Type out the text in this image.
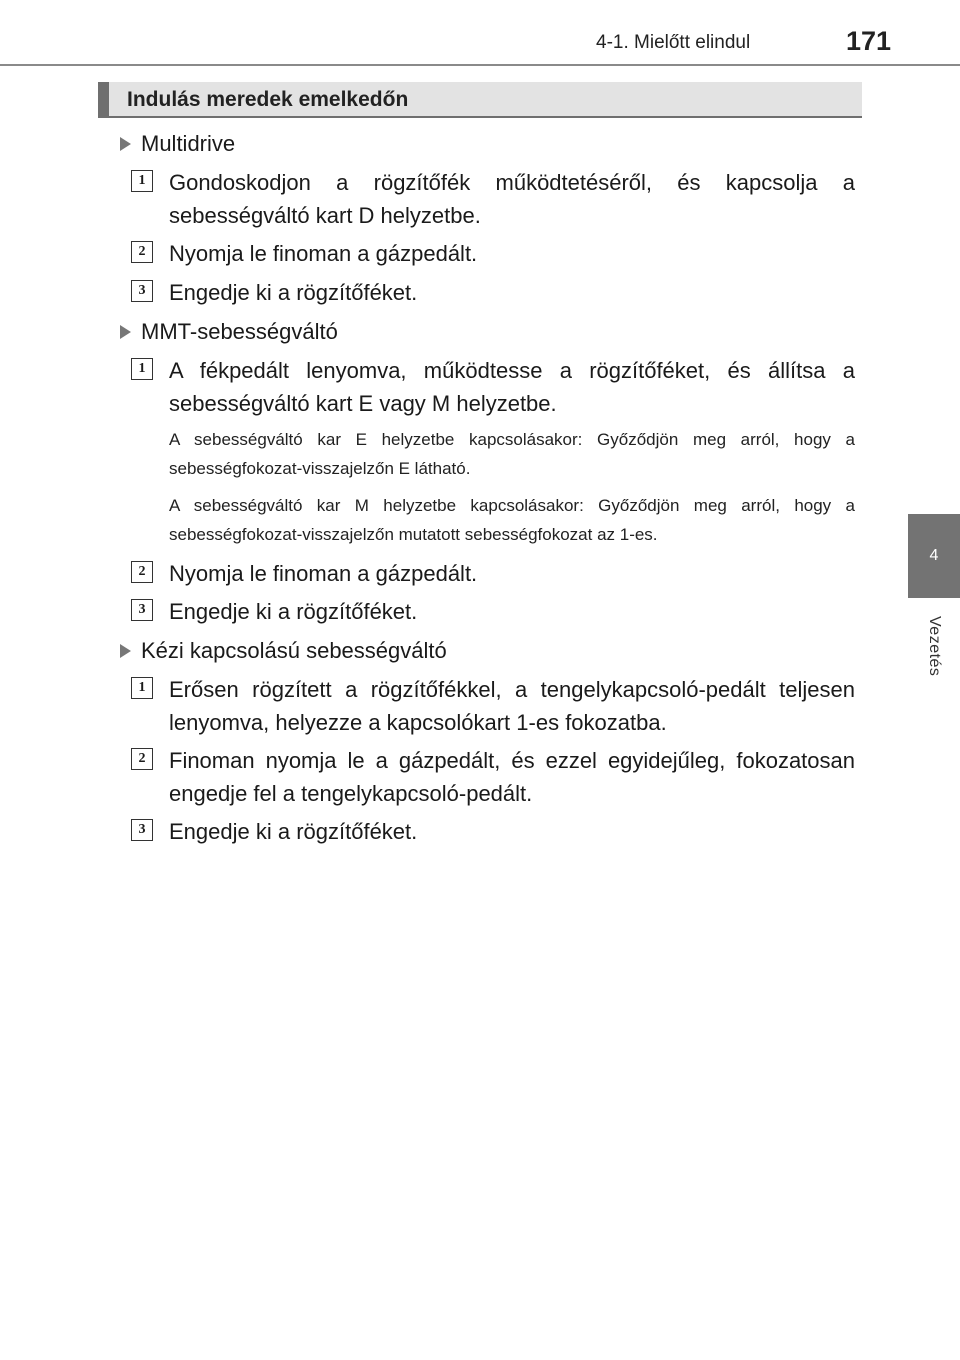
4-1. Mielőtt elindul	171
4
Vezetés
Indulás meredek emelkedőn
Multidrive
1	Gondoskodjon a rögzítőfék működtetéséről, és kapcsolja a sebességváltó kart D helyzetbe.
2	Nyomja le finoman a gázpedált.
3	Engedje ki a rögzítőféket.
MMT-sebességváltó
1	A fékpedált lenyomva, működtesse a rögzítőféket, és állítsa a sebességváltó kart E vagy M helyzetbe.
A sebességváltó kar E helyzetbe kapcsolásakor: Győződjön meg arról, hogy a sebességfokozat-visszajelzőn E látható.
A sebességváltó kar M helyzetbe kapcsolásakor: Győződjön meg arról, hogy a sebességfokozat-visszajelzőn mutatott sebességfokozat az 1-es.
2	Nyomja le finoman a gázpedált.
3	Engedje ki a rögzítőféket.
Kézi kapcsolású sebességváltó
1	Erősen rögzített a rögzítőfékkel, a tengelykapcsoló-pedált teljesen lenyomva, helyezze a kapcsolókart 1-es fokozatba.
2	Finoman nyomja le a gázpedált, és ezzel egyidejűleg, fokozatosan engedje fel a tengelykapcsoló-pedált.
3	Engedje ki a rögzítőféket.
